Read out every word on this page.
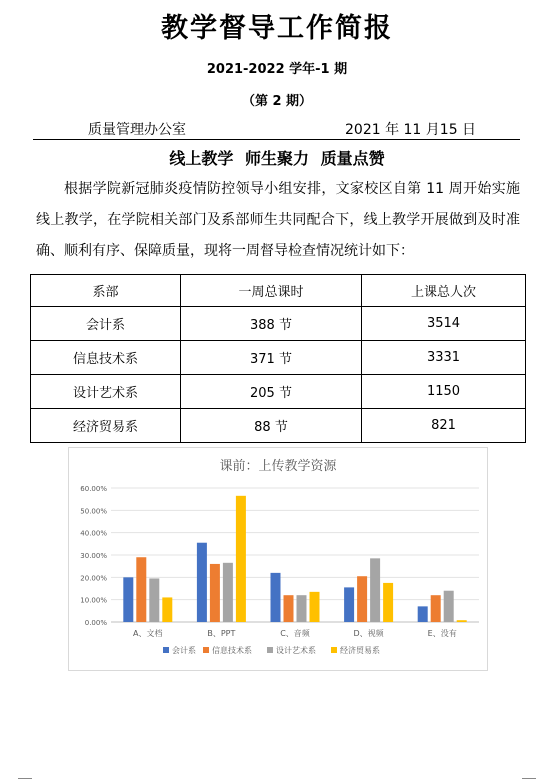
教学督导工作简报
2021-2022 学年-1 期
（第 2 期）
质量管理办公室	2021 年 11 月15 日
线上教学 师生聚力 质量点赞
根据学院新冠肺炎疫情防控领导小组安排，文家校区自第 11 周开始实施线上教学，在学院相关部门及系部师生共同配合下，线上教学开展做到及时准确、顺利有序、保障质量，现将一周督导检查情况统计如下：
系部	一周总课时	上课总人次
会计系	388 节	3514
信息技术系	371 节	3331
设计艺术系	205 节	1150
经济贸易系	88 节	821
课前：上传教学资源
0.00%
10.00%
20.00%
30.00%
40.00%
50.00%
60.00%
A、文档	B、PPT	C、音频	D、视频	E、没有
会计系 信息技术系	设计艺术系	经济贸易系
